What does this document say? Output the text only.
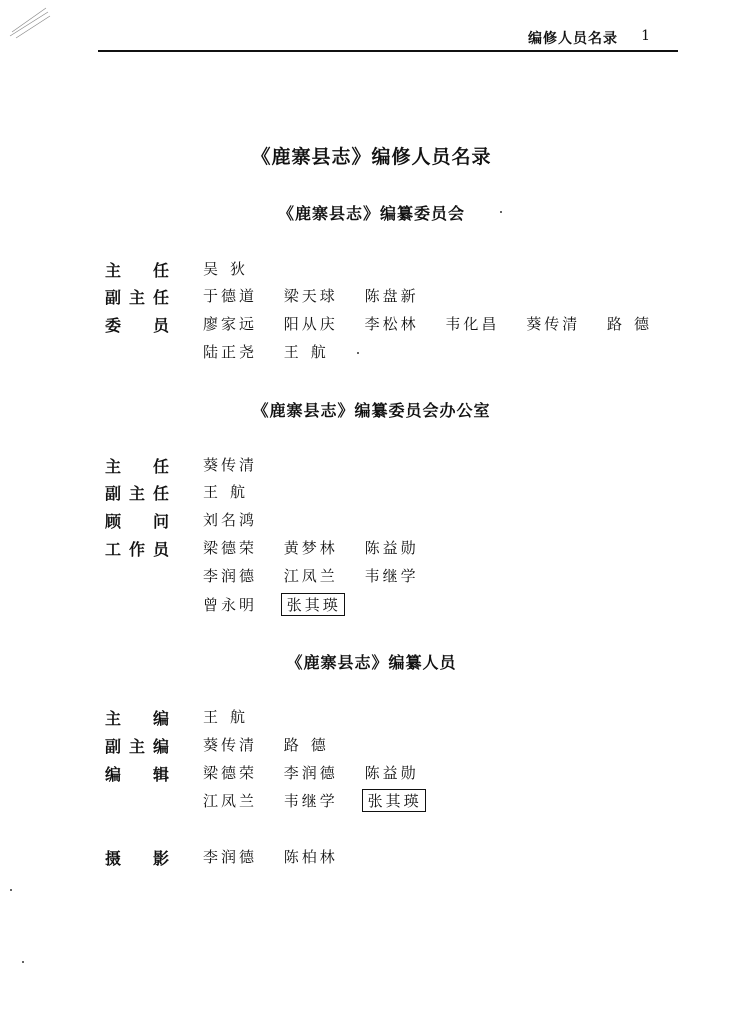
编修人员名录 1
《鹿寨县志》编修人员名录
《鹿寨县志》编纂委员会
主任 吴狄
副主任 于德道 梁天球 陈盘新
委员 廖家远 阳从庆 李松林 韦化昌 葵传清 路德
陆正尧 王航
《鹿寨县志》编纂委员会办公室
主任 葵传清
副主任 王航
顾问 刘名鸿
工作员 梁德荣 黄梦林 陈益勋
李润德 江凤兰 韦继学
曾永明 张其瑛
《鹿寨县志》编纂人员
主编 王航
副主编 葵传清 路德
编辑 梁德荣 李润德 陈益勋
江凤兰 韦继学 张其瑛
摄影 李润德 陈柏林
